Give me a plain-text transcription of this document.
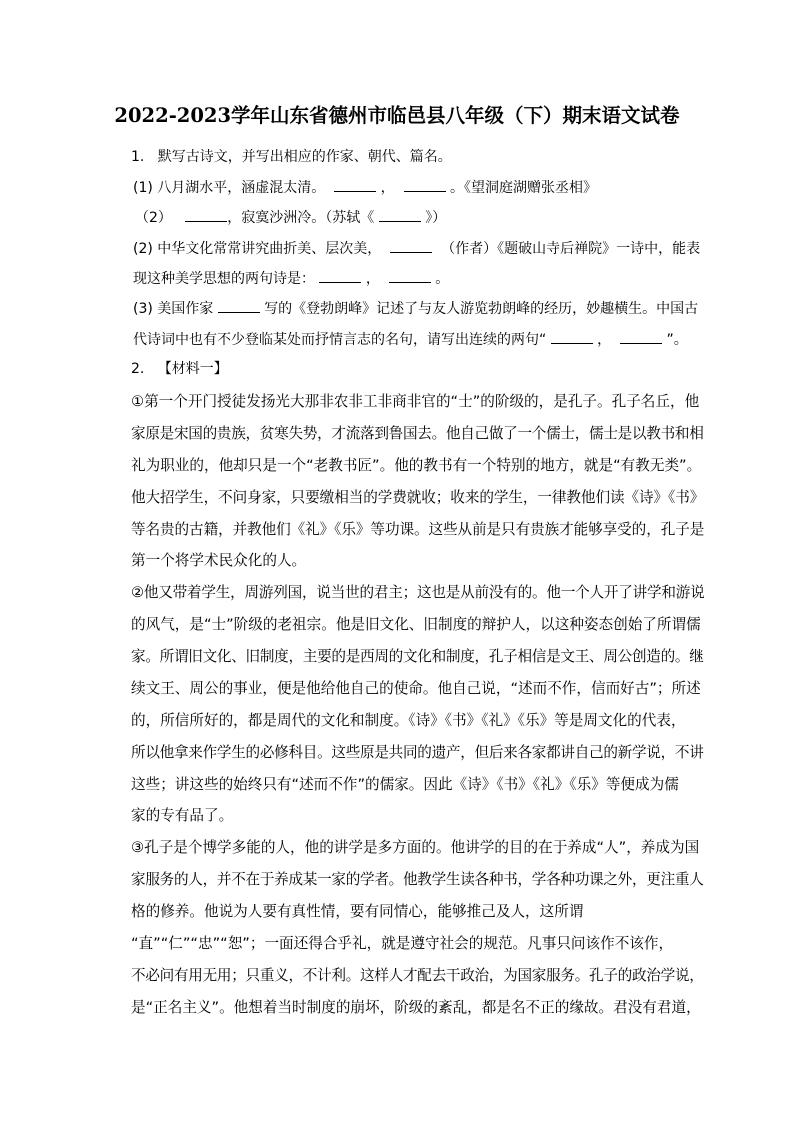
2022-2023学年山东省德州市临邑县八年级（下）期末语文试卷
1. 默写古诗文，并写出相应的作家、朝代、篇名。
(1) 八月湖水平，涵虚混太清。	，	。《望洞庭湖赠张丞相》
（2）	，寂寞沙洲冷。（苏轼《	》）
(2) 中华文化常常讲究曲折美、层次美，	（作者）《题破山寺后禅院》一诗中，能表
现这种美学思想的两句诗是：	，	。
(3) 美国作家	写的《登勃朗峰》记述了与友人游览勃朗峰的经历，妙趣横生。中国古
代诗词中也有不少登临某处而抒情言志的名句，请写出连续的两句“	，	”。
2. 【材料一】
①第一个开门授徒发扬光大那非农非工非商非官的“士”的阶级的，是孔子。孔子名丘，他
家原是宋国的贵族，贫寒失势，才流落到鲁国去。他自己做了一个儒士，儒士是以教书和相
礼为职业的，他却只是一个“老教书匠”。他的教书有一个特别的地方，就是“有教无类”。
他大招学生，不问身家，只要缴相当的学费就收；收来的学生，一律教他们读《诗》《书》
等名贵的古籍，并教他们《礼》《乐》等功课。这些从前是只有贵族才能够享受的，孔子是
第一个将学术民众化的人。
②他又带着学生，周游列国，说当世的君主；这也是从前没有的。他一个人开了讲学和游说
的风气，是“士”阶级的老祖宗。他是旧文化、旧制度的辩护人，以这种姿态创始了所谓儒
家。所谓旧文化、旧制度，主要的是西周的文化和制度，孔子相信是文王、周公创造的。继
续文王、周公的事业，便是他给他自己的使命。他自己说，“述而不作，信而好古”；所述
的，所信所好的，都是周代的文化和制度。《诗》《书》《礼》《乐》等是周文化的代表，
所以他拿来作学生的必修科目。这些原是共同的遗产，但后来各家都讲自己的新学说，不讲
这些；讲这些的始终只有“述而不作”的儒家。因此《诗》《书》《礼》《乐》等便成为儒
家的专有品了。
③孔子是个博学多能的人，他的讲学是多方面的。他讲学的目的在于养成“人”，养成为国
家服务的人，并不在于养成某一家的学者。他教学生读各种书，学各种功课之外，更注重人
格的修养。他说为人要有真性情，要有同情心，能够推己及人，这所谓
“直”“仁”“忠”“恕”；一面还得合乎礼，就是遵守社会的规范。凡事只问该作不该作，
不必问有用无用；只重义，不计利。这样人才配去干政治，为国家服务。孔子的政治学说，
是“正名主义”。他想着当时制度的崩坏，阶级的紊乱，都是名不正的缘故。君没有君道，
